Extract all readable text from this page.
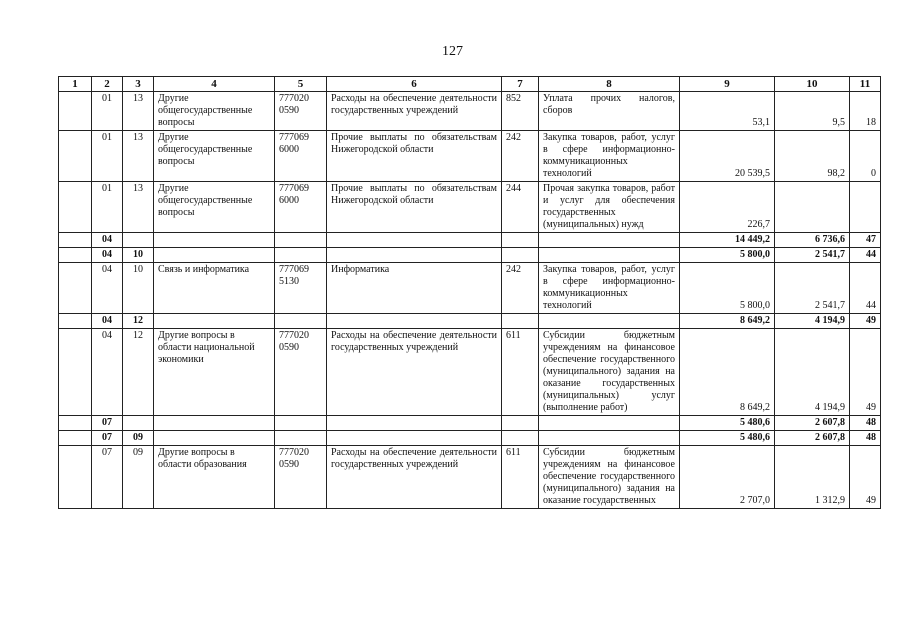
127
1	2	3	4	5	6	7	8	9	10	11
	01	13	Другие общегосударственные вопросы	777020 0590	Расходы на обеспечение деятельности государственных учреждений	852	Уплата прочих налогов, сборов	53,1	9,5	18
	01	13	Другие общегосударственные вопросы	777069 6000	Прочие выплаты по обязательствам Нижегородской области	242	Закупка товаров, работ, услуг в сфере информационно-коммуникационных технологий	20 539,5	98,2	0
	01	13	Другие общегосударственные вопросы	777069 6000	Прочие выплаты по обязательствам Нижегородской области	244	Прочая закупка товаров, работ и услуг для обеспечения государственных (муниципальных) нужд	226,7		
	04							14 449,2	6 736,6	47
	04	10						5 800,0	2 541,7	44
	04	10	Связь и информатика	777069 5130	Информатика	242	Закупка товаров, работ, услуг в сфере информационно-коммуникационных технологий	5 800,0	2 541,7	44
	04	12						8 649,2	4 194,9	49
	04	12	Другие вопросы в области национальной экономики	777020 0590	Расходы на обеспечение деятельности государственных учреждений	611	Субсидии бюджетным учреждениям на финансовое обеспечение государственного (муниципального) задания на оказание государственных (муниципальных) услуг (выполнение работ)	8 649,2	4 194,9	49
	07							5 480,6	2 607,8	48
	07	09						5 480,6	2 607,8	48
	07	09	Другие вопросы в области образования	777020 0590	Расходы на обеспечение деятельности государственных учреждений	611	Субсидии бюджетным учреждениям на финансовое обеспечение государственного (муниципального) задания на оказание государственных	2 707,0	1 312,9	49
